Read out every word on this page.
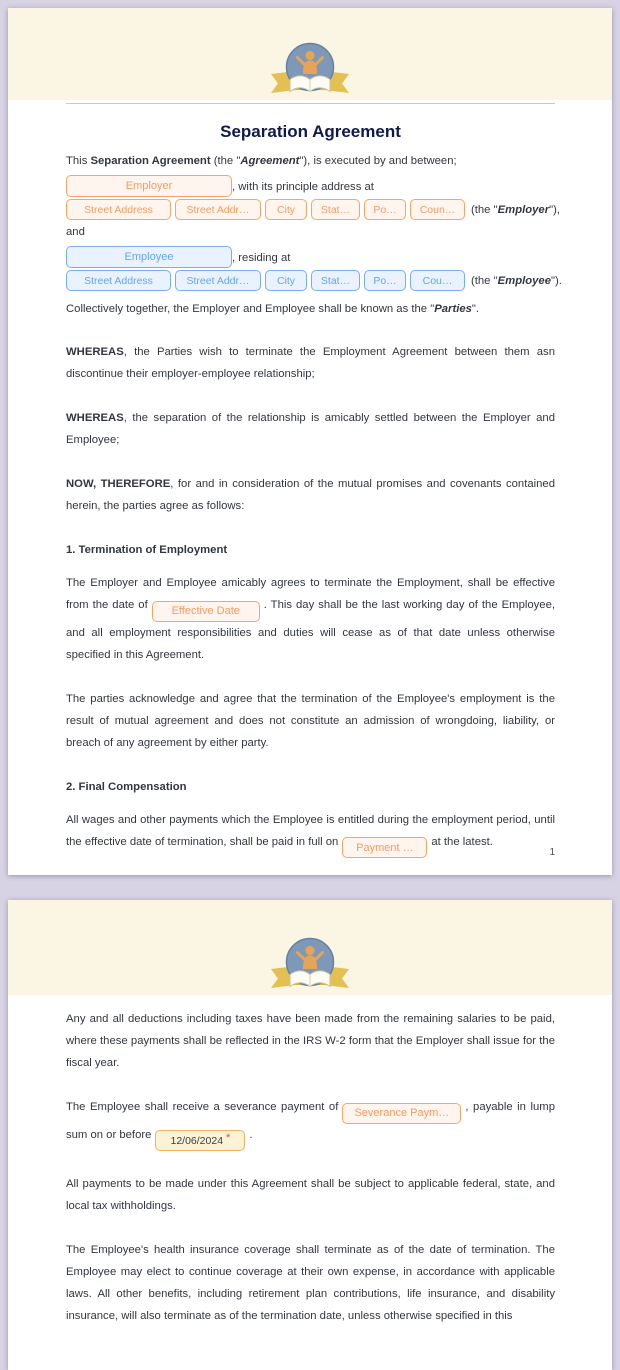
Separation Agreement

This Separation Agreement (the "Agreement"), is executed by and between;

Employer	, with its principle address at
Street Address	Street Addr…	City	Stat…	Po…	Coun…	(the "Employer"),

and

Employee	, residing at
Street Address	Street Addr…	City	Stat…	Po…	Cou…	(the "Employee").

Collectively together, the Employer and Employee shall be known as the "Parties".

WHEREAS, the Parties wish to terminate the Employment Agreement between them asn discontinue their employer-employee relationship;

WHEREAS, the separation of the relationship is amicably settled between the Employer and Employee;

NOW, THEREFORE, for and in consideration of the mutual promises and covenants contained herein, the parties agree as follows:

1. Termination of Employment

The Employer and Employee amicably agrees to terminate the Employment, shall be effective from the date of Effective Date . This day shall be the last working day of the Employee, and all employment responsibilities and duties will cease as of that date unless otherwise specified in this Agreement.

The parties acknowledge and agree that the termination of the Employee's employment is the result of mutual agreement and does not constitute an admission of wrongdoing, liability, or breach of any agreement by either party.

2. Final Compensation

All wages and other payments which the Employee is entitled during the employment period, until the effective date of termination, shall be paid in full on Payment … at the latest.

1

Any and all deductions including taxes have been made from the remaining salaries to be paid, where these payments shall be reflected in the IRS W-2 form that the Employer shall issue for the fiscal year.

The Employee shall receive a severance payment of Severance Paym… , payable in lump sum on or before 12/06/2024 * .

All payments to be made under this Agreement shall be subject to applicable federal, state, and local tax withholdings.

The Employee's health insurance coverage shall terminate as of the date of termination. The Employee may elect to continue coverage at their own expense, in accordance with applicable laws. All other benefits, including retirement plan contributions, life insurance, and disability insurance, will also terminate as of the termination date, unless otherwise specified in this
